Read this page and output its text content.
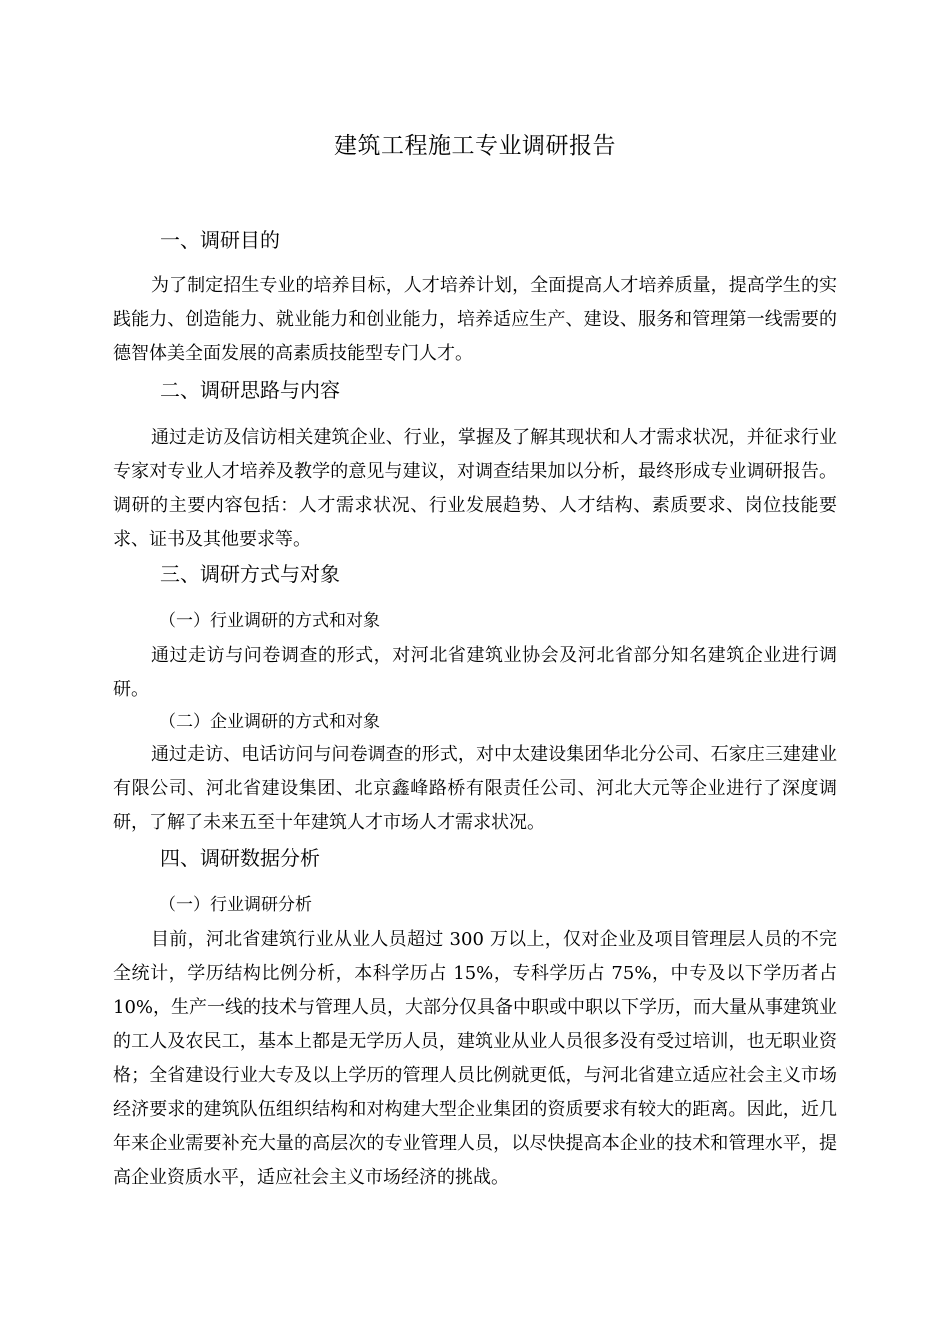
建筑工程施工专业调研报告
一、调研目的

为了制定招生专业的培养目标，人才培养计划，全面提高人才培养质量，提高学生的实践能力、创造能力、就业能力和创业能力，培养适应生产、建设、服务和管理第一线需要的德智体美全面发展的高素质技能型专门人才。

二、调研思路与内容

通过走访及信访相关建筑企业、行业，掌握及了解其现状和人才需求状况，并征求行业专家对专业人才培养及教学的意见与建议，对调查结果加以分析，最终形成专业调研报告。调研的主要内容包括：人才需求状况、行业发展趋势、人才结构、素质要求、岗位技能要求、证书及其他要求等。

三、调研方式与对象
（一）行业调研的方式和对象

通过走访与问卷调查的形式，对河北省建筑业协会及河北省部分知名建筑企业进行调研。

（二）企业调研的方式和对象

通过走访、电话访问与问卷调查的形式，对中太建设集团华北分公司、石家庄三建建业有限公司、河北省建设集团、北京鑫峰路桥有限责任公司、河北大元等企业进行了深度调研，了解了未来五至十年建筑人才市场人才需求状况。

四、调研数据分析
（一）行业调研分析

目前，河北省建筑行业从业人员超过 300 万以上，仅对企业及项目管理层人员的不完全统计，学历结构比例分析，本科学历占 15%，专科学历占 75%，中专及以下学历者占 10%，生产一线的技术与管理人员，大部分仅具备中职或中职以下学历，而大量从事建筑业的工人及农民工，基本上都是无学历人员，建筑业从业人员很多没有受过培训，也无职业资格；全省建设行业大专及以上学历的管理人员比例就更低，与河北省建立适应社会主义市场经济要求的建筑队伍组织结构和对构建大型企业集团的资质要求有较大的距离。因此，近几年来企业需要补充大量的高层次的专业管理人员，以尽快提高本企业的技术和管理水平，提高企业资质水平，适应社会主义市场经济的挑战。
